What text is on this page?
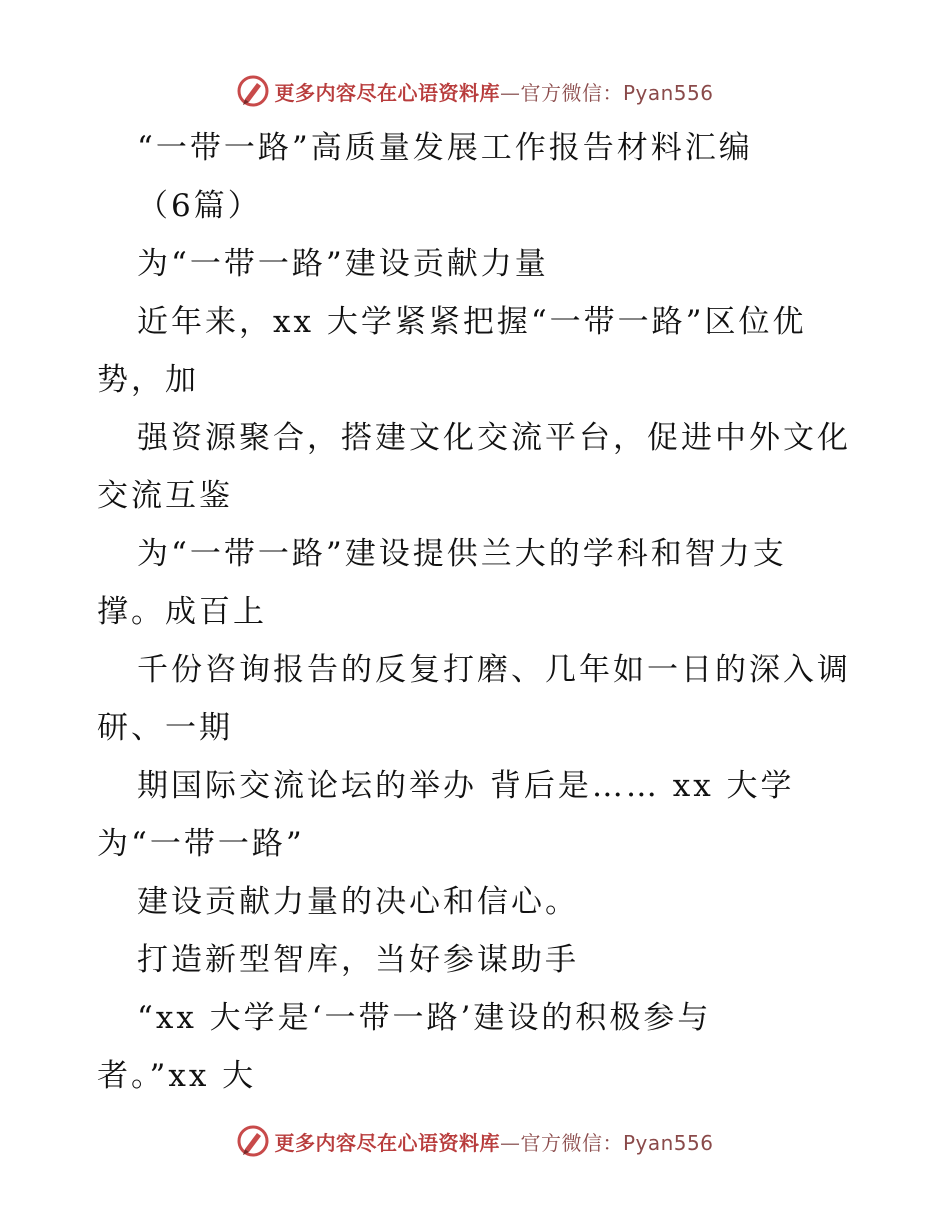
更多内容尽在心语资料库—官方微信：Pyan556
“一带一路”高质量发展工作报告材料汇编
（6篇）
为“一带一路”建设贡献力量
近年来，xx 大学紧紧把握“一带一路”区位优
势，加
强资源聚合，搭建文化交流平台，促进中外文化
交流互鉴
为“一带一路”建设提供兰大的学科和智力支
撑。成百上
千份咨询报告的反复打磨、几年如一日的深入调
研、一期
期国际交流论坛的举办 背后是…… xx 大学
为“一带一路”
建设贡献力量的决心和信心。
打造新型智库，当好参谋助手
“xx 大学是‘一带一路’建设的积极参与
者。”xx 大
更多内容尽在心语资料库—官方微信：Pyan556
